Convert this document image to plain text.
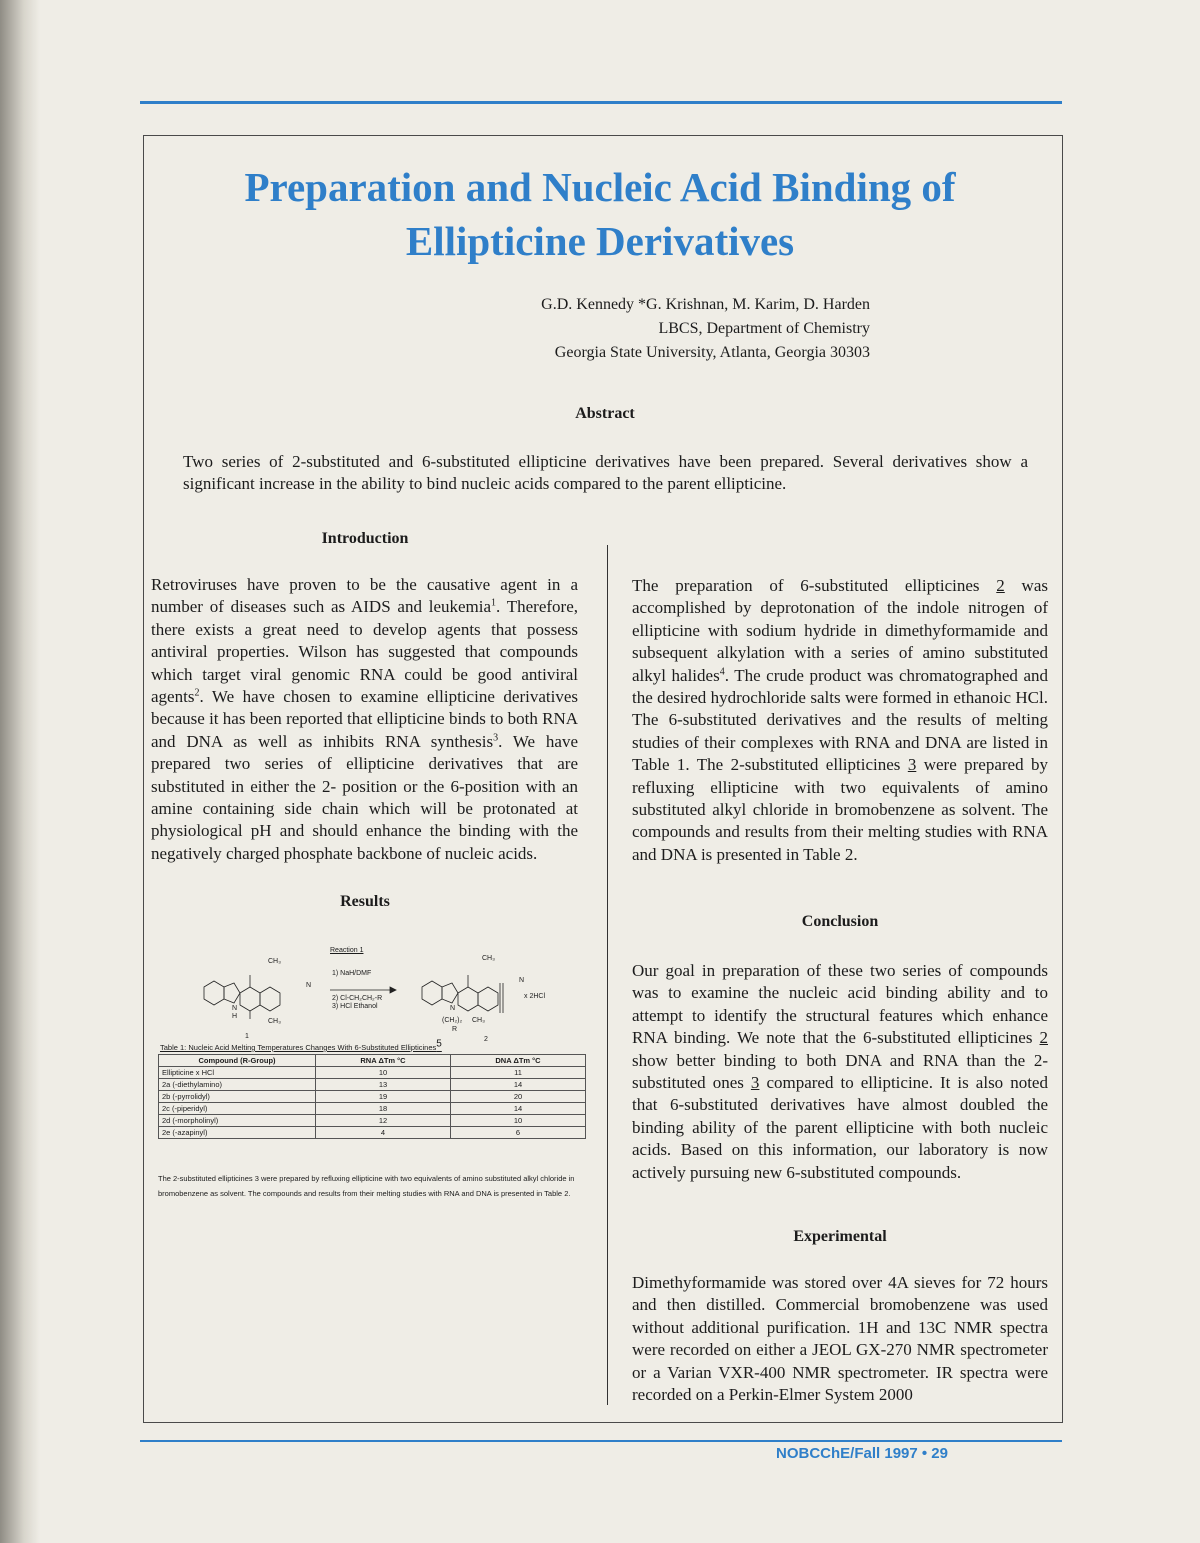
Preparation and Nucleic Acid Binding of
Ellipticine Derivatives
G.D. Kennedy *G. Krishnan, M. Karim, D. Harden
LBCS, Department of Chemistry
Georgia State University, Atlanta, Georgia 30303
Abstract

Two series of 2-substituted and 6-substituted ellipticine derivatives have been prepared. Several derivatives show a significant increase in the ability to bind nucleic acids compared to the parent ellipticine.

Introduction

Retroviruses have proven to be the causative agent in a number of diseases such as AIDS and leukemia$^1$. Therefore, there exists a great need to develop agents that possess antiviral properties. Wilson has suggested that compounds which target viral genomic RNA could be good antiviral agents$^2$. We have chosen to examine ellipticine derivatives because it has been reported that ellipticine binds to both RNA and DNA as well as inhibits RNA synthesis$^3$. We have prepared two series of ellipticine derivatives that are substituted in either the 2- position or the 6-position with an amine containing side chain which will be protonated at physiological pH and should enhance the binding with the negatively charged phosphate backbone of nucleic acids.

Results
Reaction 1
CH₃
N
N
H
CH₃
1
1) NaH/DMF
2) Cl-CH₂CH₂-R
3) HCl Ethanol
CH₃
N
x 2HCl
N
(CH₂)₂ CH₃
R
2
Table 1: Nucleic Acid Melting Temperatures Changes With 6-Substituted Ellipticines$^5$
Compound (R-Group)	RNA ΔTm °C	DNA ΔTm °C
Ellipticine x HCl	10	11
2a (-diethylamino)	13	14
2b (-pyrrolidyl)	19	20
2c (-piperidyl)	18	14
2d (-morpholinyl)	12	10
2e (-azapinyl)	4	6

The 2-substituted ellipticines 3 were prepared by refluxing ellipticine with two equivalents of amino substituted alkyl chloride in bromobenzene as solvent. The compounds and results from their melting studies with RNA and DNA is presented in Table 2.

The preparation of 6-substituted ellipticines 2 was accomplished by deprotonation of the indole nitrogen of ellipticine with sodium hydride in dimethyformamide and subsequent alkylation with a series of amino substituted alkyl halides$^4$. The crude product was chromatographed and the desired hydrochloride salts were formed in ethanoic HCl. The 6-substituted derivatives and the results of melting studies of their complexes with RNA and DNA are listed in Table 1. The 2-substituted ellipticines 3 were prepared by refluxing ellipticine with two equivalents of amino substituted alkyl chloride in bromobenzene as solvent. The compounds and results from their melting studies with RNA and DNA is presented in Table 2.

Conclusion

Our goal in preparation of these two series of compounds was to examine the nucleic acid binding ability and to attempt to identify the structural features which enhance RNA binding. We note that the 6-substituted ellipticines 2 show better binding to both DNA and RNA than the 2-substituted ones 3 compared to ellipticine. It is also noted that 6-substituted derivatives have almost doubled the binding ability of the parent ellipticine with both nucleic acids. Based on this information, our laboratory is now actively pursuing new 6-substituted compounds.

Experimental

Dimethyformamide was stored over 4A sieves for 72 hours and then distilled. Commercial bromobenzene was used without additional purification. 1H and 13C NMR spectra were recorded on either a JEOL GX-270 NMR spectrometer or a Varian VXR-400 NMR spectrometer. IR spectra were recorded on a Perkin-Elmer System 2000

NOBCChE/Fall 1997 • 29
